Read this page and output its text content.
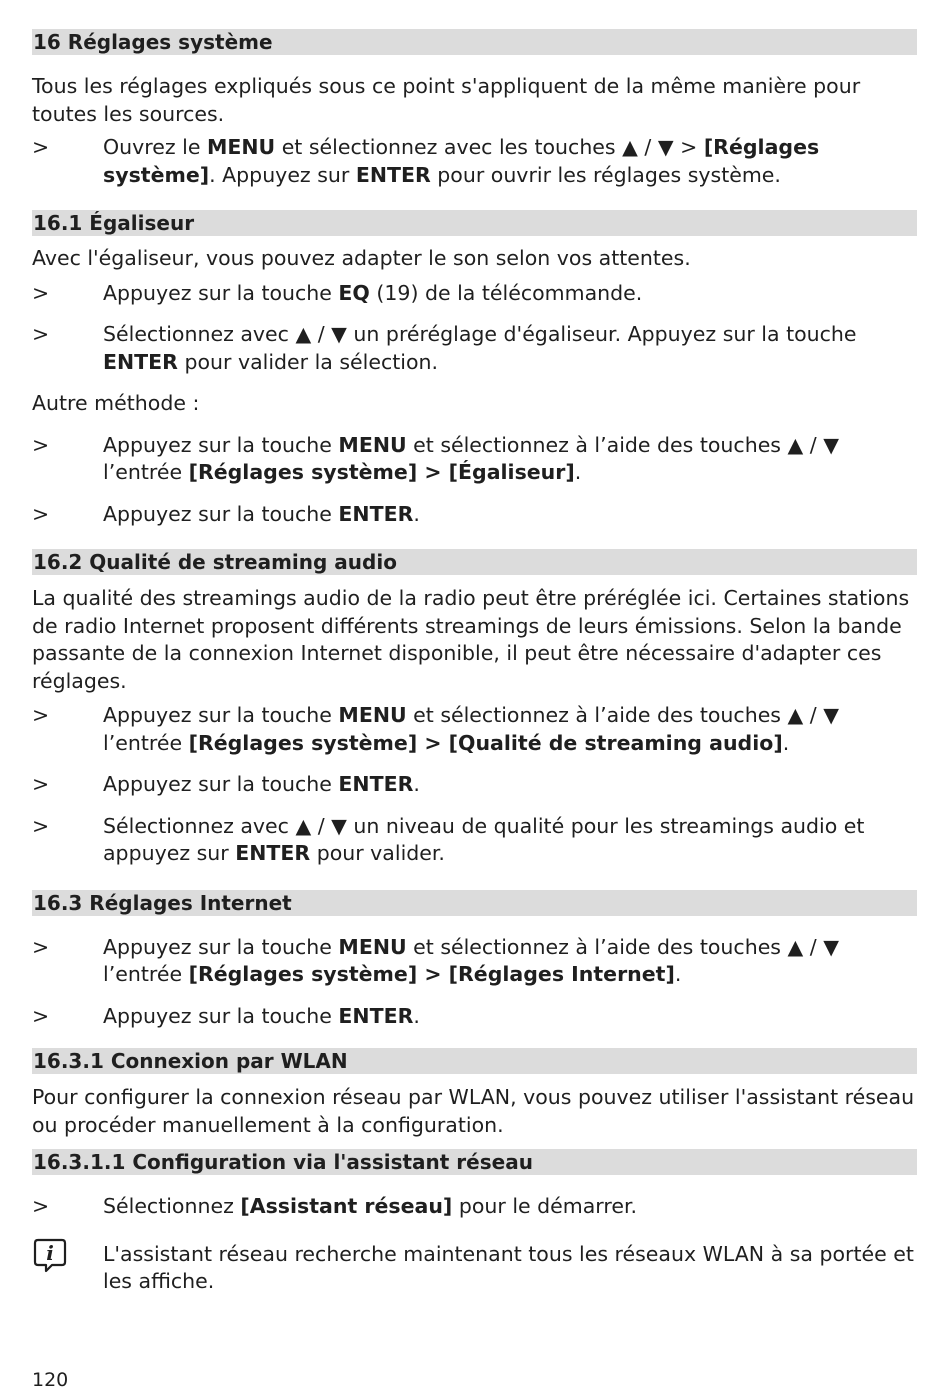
16 Réglages système

Tous les réglages expliqués sous ce point s'appliquent de la même manière pour toutes les sources.

>	Ouvrez le MENU et sélectionnez avec les touches ▲ / ▼ > [Réglages système]. Appuyez sur ENTER pour ouvrir les réglages système.
16.1 Égaliseur

Avec l'égaliseur, vous pouvez adapter le son selon vos attentes.

>	Appuyez sur la touche EQ (19) de la télécommande.
>	Sélectionnez avec ▲ / ▼ un préréglage d'égaliseur. Appuyez sur la touche ENTER pour valider la sélection.

Autre méthode :

>	Appuyez sur la touche MENU et sélectionnez à l’aide des touches ▲ / ▼ l’entrée [Réglages système] > [Égaliseur].
>	Appuyez sur la touche ENTER.
16.2 Qualité de streaming audio

La qualité des streamings audio de la radio peut être préréglée ici. Certaines stations de radio Internet proposent différents streamings de leurs émissions. Selon la bande passante de la connexion Internet disponible, il peut être nécessaire d'adapter ces réglages.

>	Appuyez sur la touche MENU et sélectionnez à l’aide des touches ▲ / ▼ l’entrée [Réglages système] > [Qualité de streaming audio].
>	Appuyez sur la touche ENTER.
>	Sélectionnez avec ▲ / ▼ un niveau de qualité pour les streamings audio et appuyez sur ENTER pour valider.
16.3 Réglages Internet
>	Appuyez sur la touche MENU et sélectionnez à l’aide des touches ▲ / ▼ l’entrée [Réglages système] > [Réglages Internet].
>	Appuyez sur la touche ENTER.
16.3.1 Connexion par WLAN

Pour configurer la connexion réseau par WLAN, vous pouvez utiliser l'assistant réseau ou procéder manuellement à la configuration.

16.3.1.1 Configuration via l'assistant réseau
>	Sélectionnez [Assistant réseau] pour le démarrer.
i L'assistant réseau recherche maintenant tous les réseaux WLAN à sa portée et les affiche.
120
